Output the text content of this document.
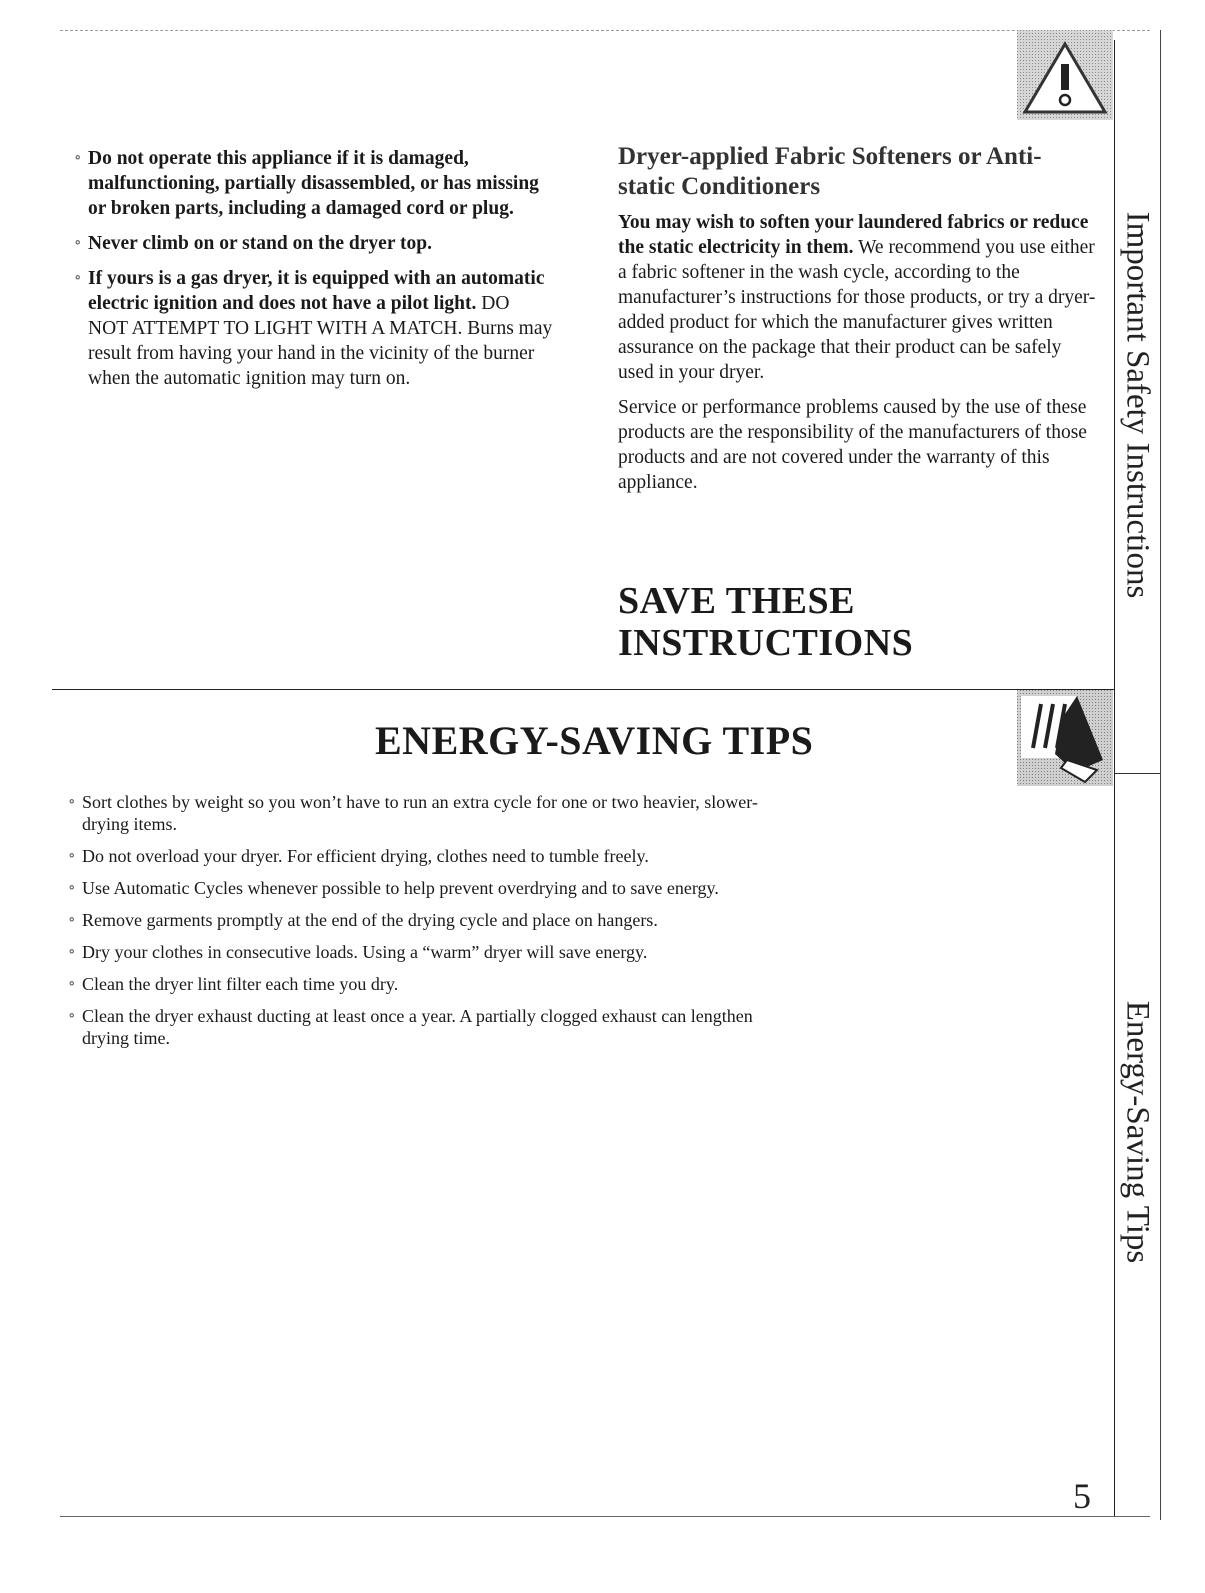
∘ Do not operate this appliance if it is damaged, malfunctioning, partially disassembled, or has missing or broken parts, including a damaged cord or plug.
∘ Never climb on or stand on the dryer top.
∘ If yours is a gas dryer, it is equipped with an automatic electric ignition and does not have a pilot light. DO NOT ATTEMPT TO LIGHT WITH A MATCH. Burns may result from having your hand in the vicinity of the burner when the automatic ignition may turn on.
Dryer-applied Fabric Softeners or Anti-static Conditioners

You may wish to soften your laundered fabrics or reduce the static electricity in them. We recommend you use either a fabric softener in the wash cycle, according to the manufacturer’s instructions for those products, or try a dryer-added product for which the manufacturer gives written assurance on the package that their product can be safely used in your dryer.

Service or performance problems caused by the use of these products are the responsibility of the manufacturers of those products and are not covered under the warranty of this appliance.

SAVE THESE
INSTRUCTIONS
ENERGY-SAVING TIPS
∘ Sort clothes by weight so you won’t have to run an extra cycle for one or two heavier, slower-drying items.
∘ Do not overload your dryer. For efficient drying, clothes need to tumble freely.
∘ Use Automatic Cycles whenever possible to help prevent overdrying and to save energy.
∘ Remove garments promptly at the end of the drying cycle and place on hangers.
∘ Dry your clothes in consecutive loads. Using a “warm” dryer will save energy.
∘ Clean the dryer lint filter each time you dry.
∘ Clean the dryer exhaust ducting at least once a year. A partially clogged exhaust can lengthen drying time.
Important Safety Instructions
Energy-Saving Tips
5
